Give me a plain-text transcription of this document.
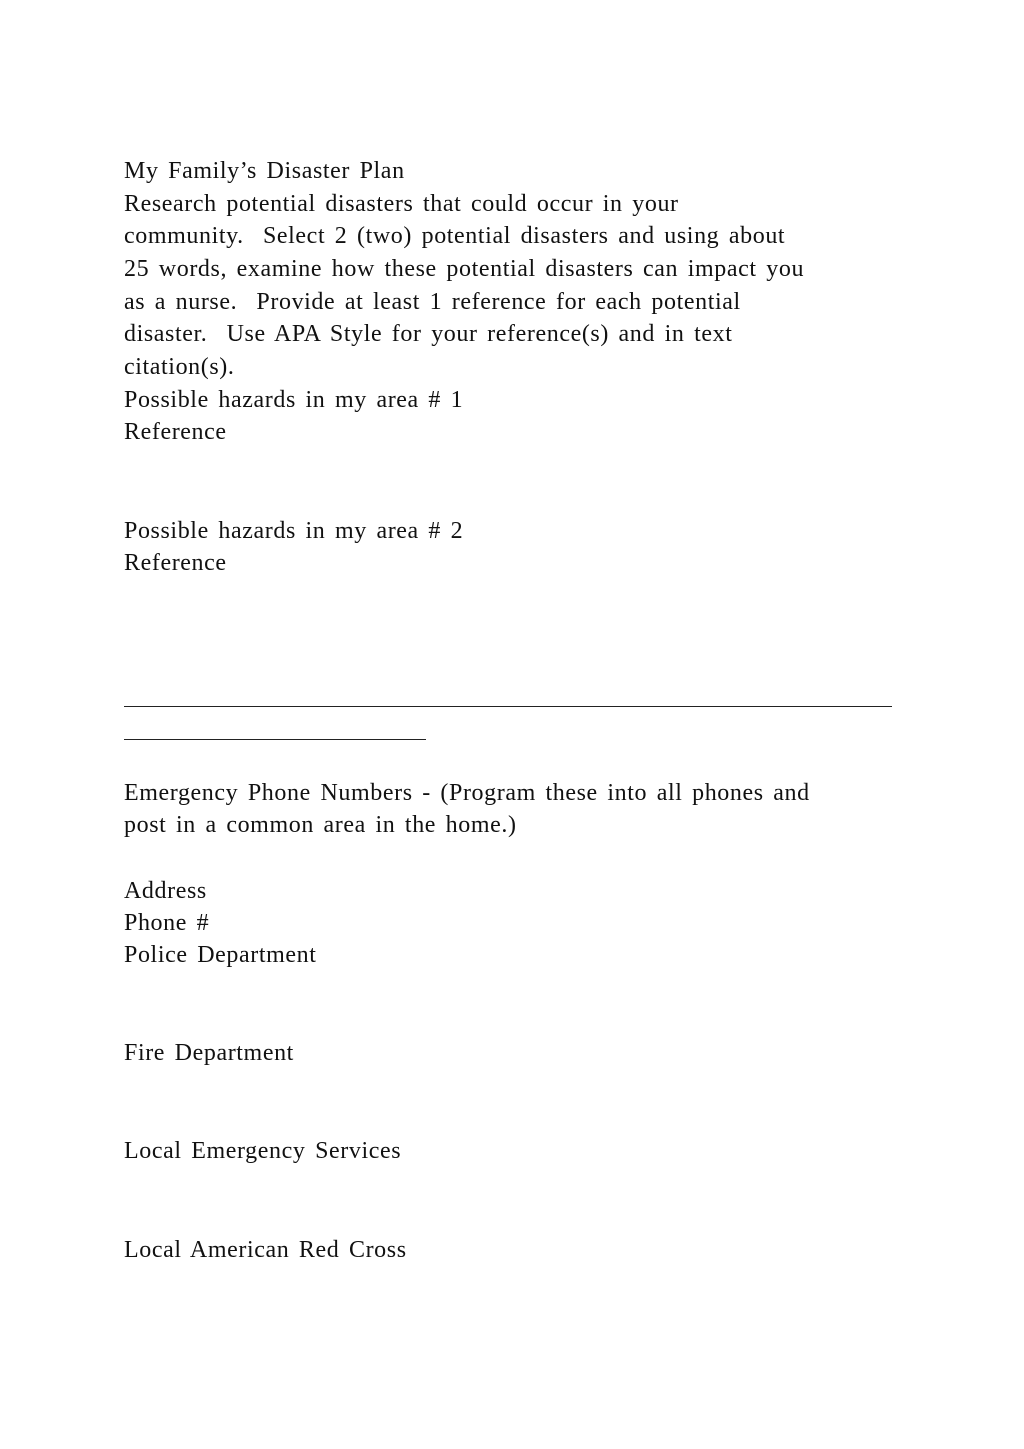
My Family’s Disaster Plan
Research potential disasters that could occur in your
community.  Select 2 (two) potential disasters and using about
25 words, examine how these potential disasters can impact you
as a nurse.  Provide at least 1 reference for each potential
disaster.  Use APA Style for your reference(s) and in text
citation(s).
Possible hazards in my area # 1
Reference
Possible hazards in my area # 2
Reference
Emergency Phone Numbers - (Program these into all phones and
post in a common area in the home.)
Address
Phone #
Police Department
Fire Department
Local Emergency Services
Local American Red Cross
